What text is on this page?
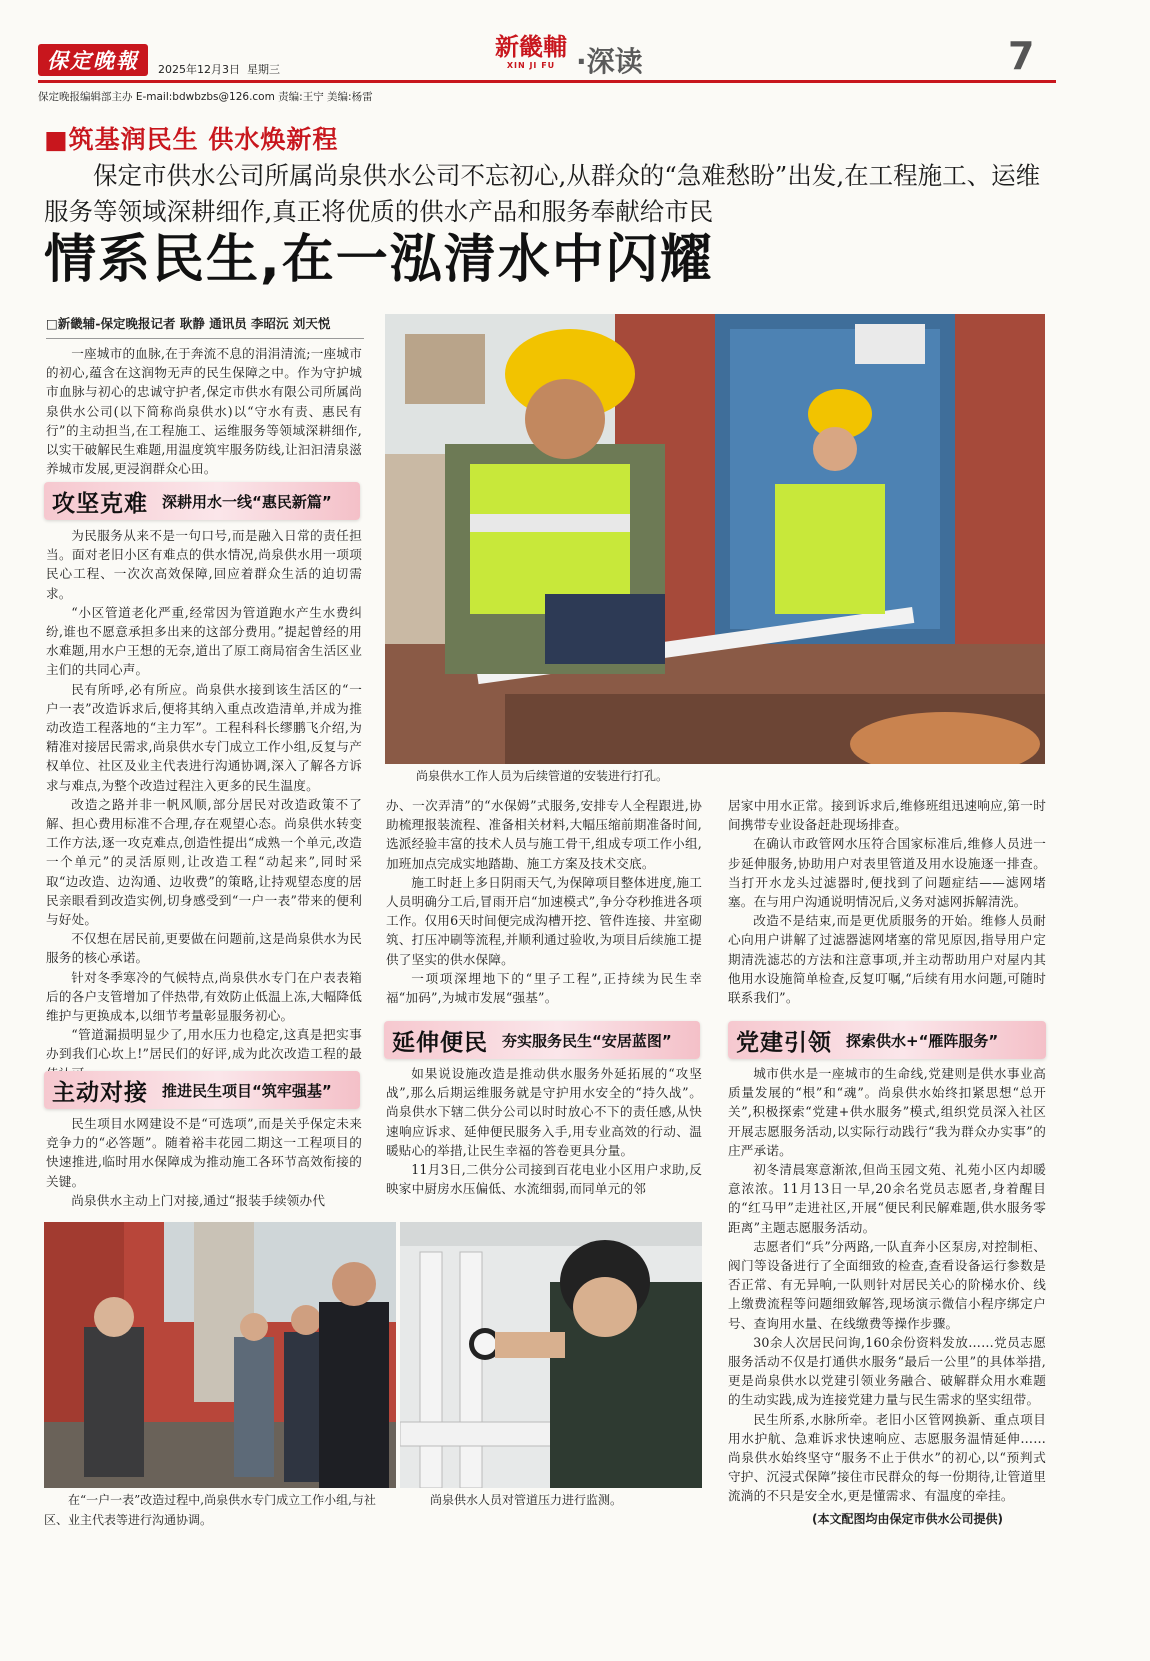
保定晚報 2025年12月3日 星期三
新畿輔
XIN JI FU ·深读	7
保定晚报编辑部主办 E-mail:bdwbzbs@126.com 责编:王宁 美编:杨雷
■筑基润民生 供水焕新程
保定市供水公司所属尚泉供水公司不忘初心,从群众的“急难愁盼”出发,在工程施工、运维服务等领域深耕细作,真正将优质的供水产品和服务奉献给市民
情系民生,在一泓清水中闪耀
□新畿辅-保定晚报记者 耿静 通讯员 李昭沅 刘天悦

一座城市的血脉,在于奔流不息的涓涓清流;一座城市的初心,蕴含在这润物无声的民生保障之中。作为守护城市血脉与初心的忠诚守护者,保定市供水有限公司所属尚泉供水公司(以下简称尚泉供水)以“守水有责、惠民有行”的主动担当,在工程施工、运维服务等领域深耕细作,以实干破解民生难题,用温度筑牢服务防线,让汩汩清泉滋养城市发展,更浸润群众心田。

攻坚克难 深耕用水一线“惠民新篇”

为民服务从来不是一句口号,而是融入日常的责任担当。面对老旧小区有难点的供水情况,尚泉供水用一项项民心工程、一次次高效保障,回应着群众生活的迫切需求。

“小区管道老化严重,经常因为管道跑水产生水费纠纷,谁也不愿意承担多出来的这部分费用。”提起曾经的用水难题,用水户王想的无奈,道出了原工商局宿舍生活区业主们的共同心声。

民有所呼,必有所应。尚泉供水接到该生活区的“一户一表”改造诉求后,便将其纳入重点改造清单,并成为推动改造工程落地的“主力军”。工程科科长缪鹏飞介绍,为精准对接居民需求,尚泉供水专门成立工作小组,反复与产权单位、社区及业主代表进行沟通协调,深入了解各方诉求与难点,为整个改造过程注入更多的民生温度。

改造之路并非一帆风顺,部分居民对改造政策不了解、担心费用标准不合理,存在观望心态。尚泉供水转变工作方法,逐一攻克难点,创造性提出“成熟一个单元,改造一个单元”的灵活原则,让改造工程“动起来”,同时采取“边改造、边沟通、边收费”的策略,让持观望态度的居民亲眼看到改造实例,切身感受到“一户一表”带来的便利与好处。

不仅想在居民前,更要做在问题前,这是尚泉供水为民服务的核心承诺。

针对冬季寒冷的气候特点,尚泉供水专门在户表表箱后的各户支管增加了伴热带,有效防止低温上冻,大幅降低维护与更换成本,以细节考量彰显服务初心。

“管道漏损明显少了,用水压力也稳定,这真是把实事办到我们心坎上!”居民们的好评,成为此次改造工程的最

主动对接 推进民生项目“筑牢强基”

民生项目水网建设不是“可选项”,而是关乎保定未来竞争力的“必答题”。随着裕丰花园二期这一工程项目的快速推进,临时用水保障成为推动施工各环节高效衔接的关键。

尚泉供水主动上门对接,通过“报装手续领办代

尚泉供水工作人员为后续管道的安装进行打孔。

办、一次弄清”的“水保姆”式服务,安排专人全程跟进,协助梳理报装流程、准备相关材料,大幅压缩前期准备时间,选派经验丰富的技术人员与施工骨干,组成专项工作小组,加班加点完成实地踏勘、施工方案及技术交底。

施工时赶上多日阴雨天气,为保障项目整体进度,施工人员明确分工后,冒雨开启“加速模式”,争分夺秒推进各项工作。仅用6天时间便完成沟槽开挖、管件连接、井室砌筑、打压冲刷等流程,并顺利通过验收,为项目后续施工提供了坚实的供水保障。

一项项深埋地下的“里子工程”,正持续为民生幸福“加码”,为城市发展“强基”。

延伸便民 夯实服务民生“安居蓝图”

如果说设施改造是推动供水服务外延拓展的“攻坚战”,那么后期运维服务就是守护用水安全的“持久战”。尚泉供水下辖二供分公司以时时放心不下的责任感,从快速响应诉求、延伸便民服务入手,用专业高效的行动、温暖贴心的举措,让民生幸福的答卷更具分量。

11月3日,二供分公司接到百花电业小区用户求助,反映家中厨房水压偏低、水流细弱,而同单元的邻

居家中用水正常。接到诉求后,维修班组迅速响应,第一时间携带专业设备赶赴现场排查。

在确认市政管网水压符合国家标准后,维修人员进一步延伸服务,协助用户对表里管道及用水设施逐一排查。当打开水龙头过滤器时,便找到了问题症结——滤网堵塞。在与用户沟通说明情况后,义务对滤网拆解清洗。

改造不是结束,而是更优质服务的开始。维修人员耐心向用户讲解了过滤器滤网堵塞的常见原因,指导用户定期清洗滤芯的方法和注意事项,并主动帮助用户对屋内其他用水设施简单检查,反复叮嘱,“后续有用水问题,可随时联系我们”。

党建引领 探索供水+“雁阵服务”

城市供水是一座城市的生命线,党建则是供水事业高质量发展的“根”和“魂”。尚泉供水始终扣紧思想“总开关”,积极探索“党建+供水服务”模式,组织党员深入社区开展志愿服务活动,以实际行动践行“我为群众办实事”的庄严承诺。

初冬清晨寒意渐浓,但尚玉园文苑、礼苑小区内却暖意浓浓。11月13日一早,20余名党员志愿者,身着醒目的“红马甲”走进社区,开展“便民利民解难题,供水服务零距离”主题志愿服务活动。

志愿者们“兵”分两路,一队直奔小区泵房,对控制柜、阀门等设备进行了全面细致的检查,查看设备运行参数是否正常、有无异响,一队则针对居民关心的阶梯水价、线上缴费流程等问题细致解答,现场演示微信小程序绑定户号、查询用水量、在线缴费等操作步骤。

30余人次居民问询,160余份资料发放……党员志愿服务活动不仅是打通供水服务“最后一公里”的具体举措,更是尚泉供水以党建引领业务融合、破解群众用水难题的生动实践,成为连接党建力量与民生需求的坚实纽带。

民生所系,水脉所牵。老旧小区管网换新、重点项目用水护航、急难诉求快速响应、志愿服务温情延伸……尚泉供水始终坚守“服务不止于供水”的初心,以“预判式守护、沉浸式保障”接住市民群众的每一份期待,让管道里流淌的不只是安全水,更是懂需求、有温度的牵挂。

(本文配图均由保定市供水公司提供)
在“一户一表”改造过程中,尚泉供水专门成立工作小组,与社区、业主代表等进行沟通协调。
尚泉供水人员对管道压力进行监测。
